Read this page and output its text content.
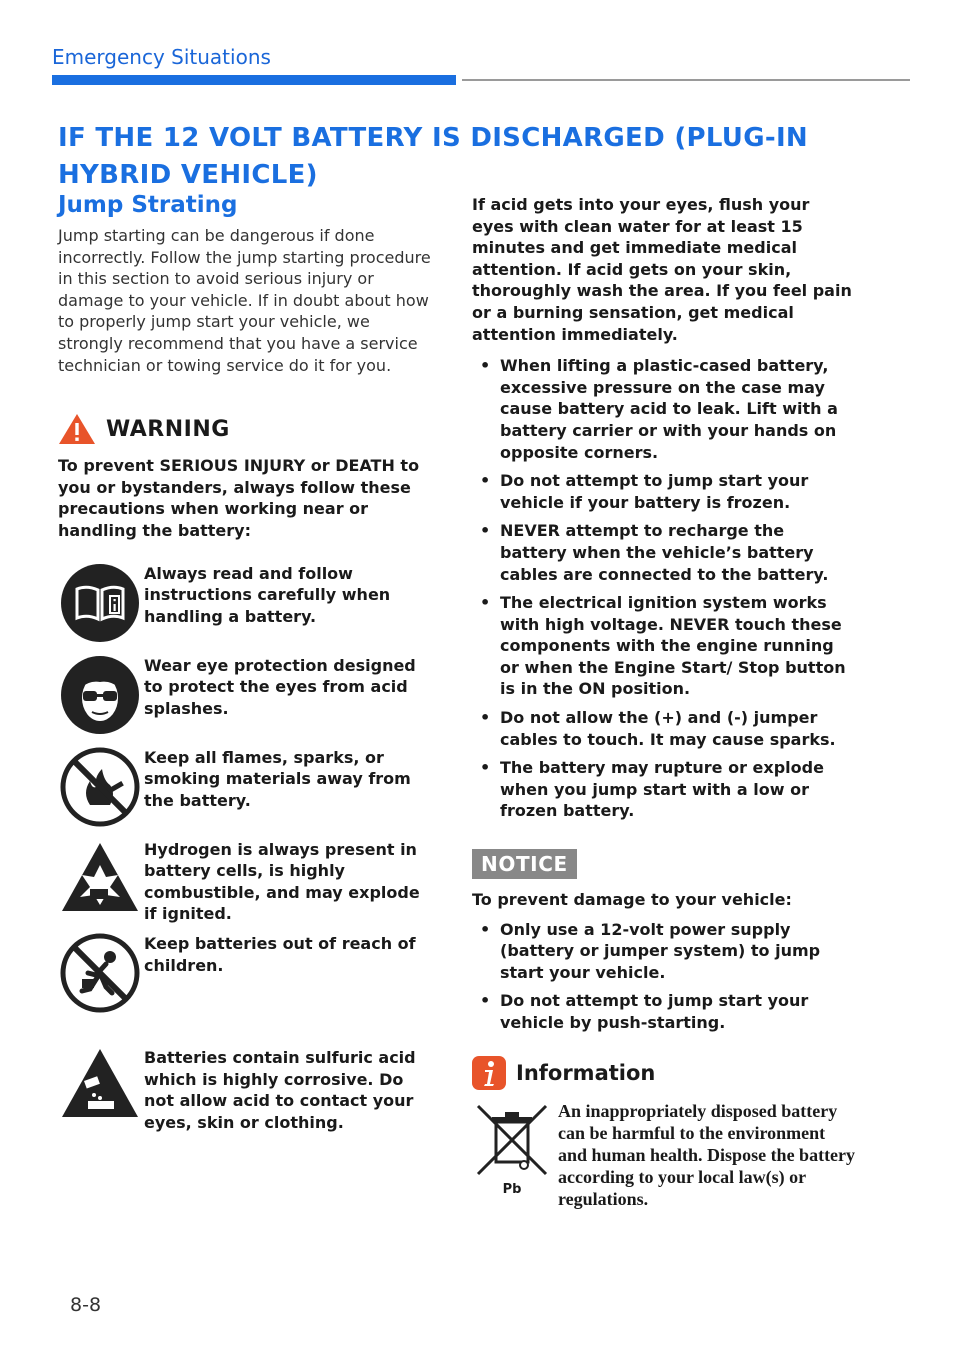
Emergency Situations
IF THE 12 VOLT BATTERY IS DISCHARGED (PLUG-IN HYBRID VEHICLE)
Jump Strating

Jump starting can be dangerous if done incorrectly. Follow the jump starting procedure in this section to avoid serious injury or damage to your vehicle. If in doubt about how to properly jump start your vehicle, we strongly recommend that you have a service technician or towing service do it for you.

WARNING
To prevent SERIOUS INJURY or DEATH to you or bystanders, always follow these precautions when working near or handling the battery:
Always read and follow instructions carefully when handling a battery.
Wear eye protection designed to protect the eyes from acid splashes.
Keep all flames, sparks, or smoking materials away from the battery.
Hydrogen is always present in battery cells, is highly combustible, and may explode if ignited.
Keep batteries out of reach of children.
Batteries contain sulfuric acid which is highly corrosive. Do not allow acid to contact your eyes, skin or clothing.
If acid gets into your eyes, flush your eyes with clean water for at least 15 minutes and get immediate medical attention. If acid gets on your skin, thoroughly wash the area. If you feel pain or a burning sensation, get medical attention immediately.
• When lifting a plastic-cased battery, excessive pressure on the case may cause battery acid to leak. Lift with a battery carrier or with your hands on opposite corners.
• Do not attempt to jump start your vehicle if your battery is frozen.
• NEVER attempt to recharge the battery when the vehicle’s battery cables are connected to the battery.
• The electrical ignition system works with high voltage. NEVER touch these components with the engine running or when the Engine Start/ Stop button is in the ON position.
• Do not allow the (+) and (-) jumper cables to touch. It may cause sparks.
• The battery may rupture or explode when you jump start with a low or frozen battery.
NOTICE
To prevent damage to your vehicle:
• Only use a 12-volt power supply (battery or jumper system) to jump start your vehicle.
• Do not attempt to jump start your vehicle by push-starting.
Information
Pb
An inappropriately disposed battery can be harmful to the environment and human health. Dispose the battery according to your local law(s) or regulations.
8-8
